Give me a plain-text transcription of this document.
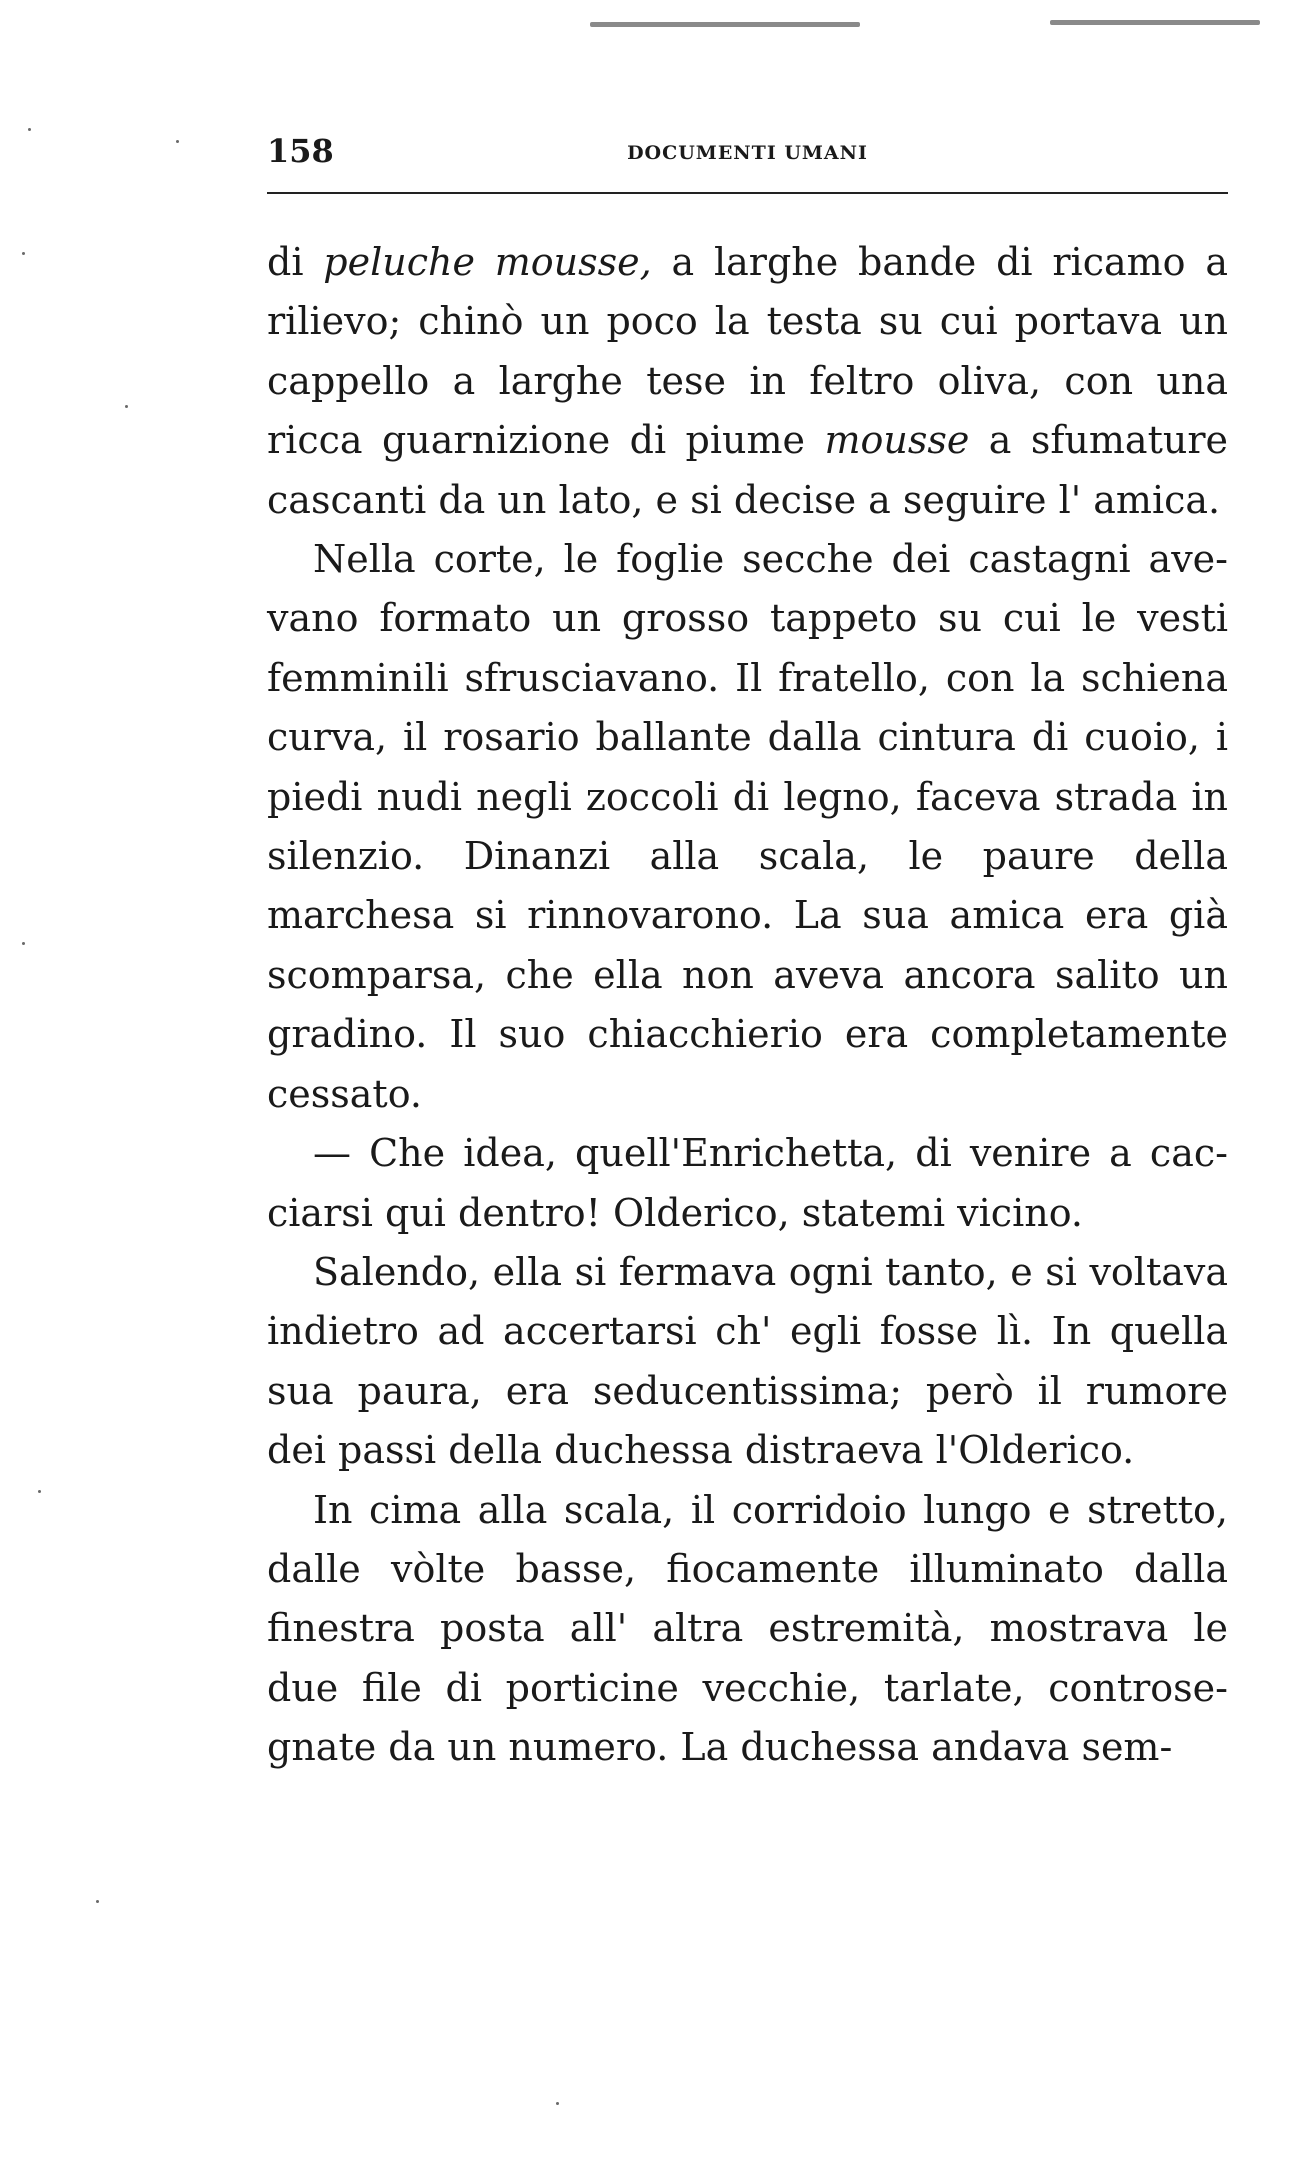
158	DOCUMENTI UMANI

di peluche mousse, a larghe bande di ricamo a rilievo; chinò un poco la testa su cui portava un cappello a larghe tese in feltro oliva, con una ricca guarnizione di piume mousse a sfumature cascanti da un lato, e si decise a seguire l' amica.

Nella corte, le foglie secche dei castagni avevano formato un grosso tappeto su cui le vesti femminili sfrusciavano. Il fratello, con la schiena curva, il rosario ballante dalla cintura di cuoio, i piedi nudi negli zoccoli di legno, faceva strada in silenzio. Dinanzi alla scala, le paure della marchesa si rinnovarono. La sua amica era già scomparsa, che ella non aveva ancora salito un gradino. Il suo chiacchierio era completamente cessato.

— Che idea, quell'Enrichetta, di venire a cacciarsi qui dentro! Olderico, statemi vicino.

Salendo, ella si fermava ogni tanto, e si voltava indietro ad accertarsi ch' egli fosse lì. In quella sua paura, era seducentissima; però il rumore dei passi della duchessa distraeva l'Olderico.

In cima alla scala, il corridoio lungo e stretto, dalle vòlte basse, fiocamente illuminato dalla finestra posta all' altra estremità, mostrava le due file di porticine vecchie, tarlate, controsegnate da un numero. La duchessa andava sem-
